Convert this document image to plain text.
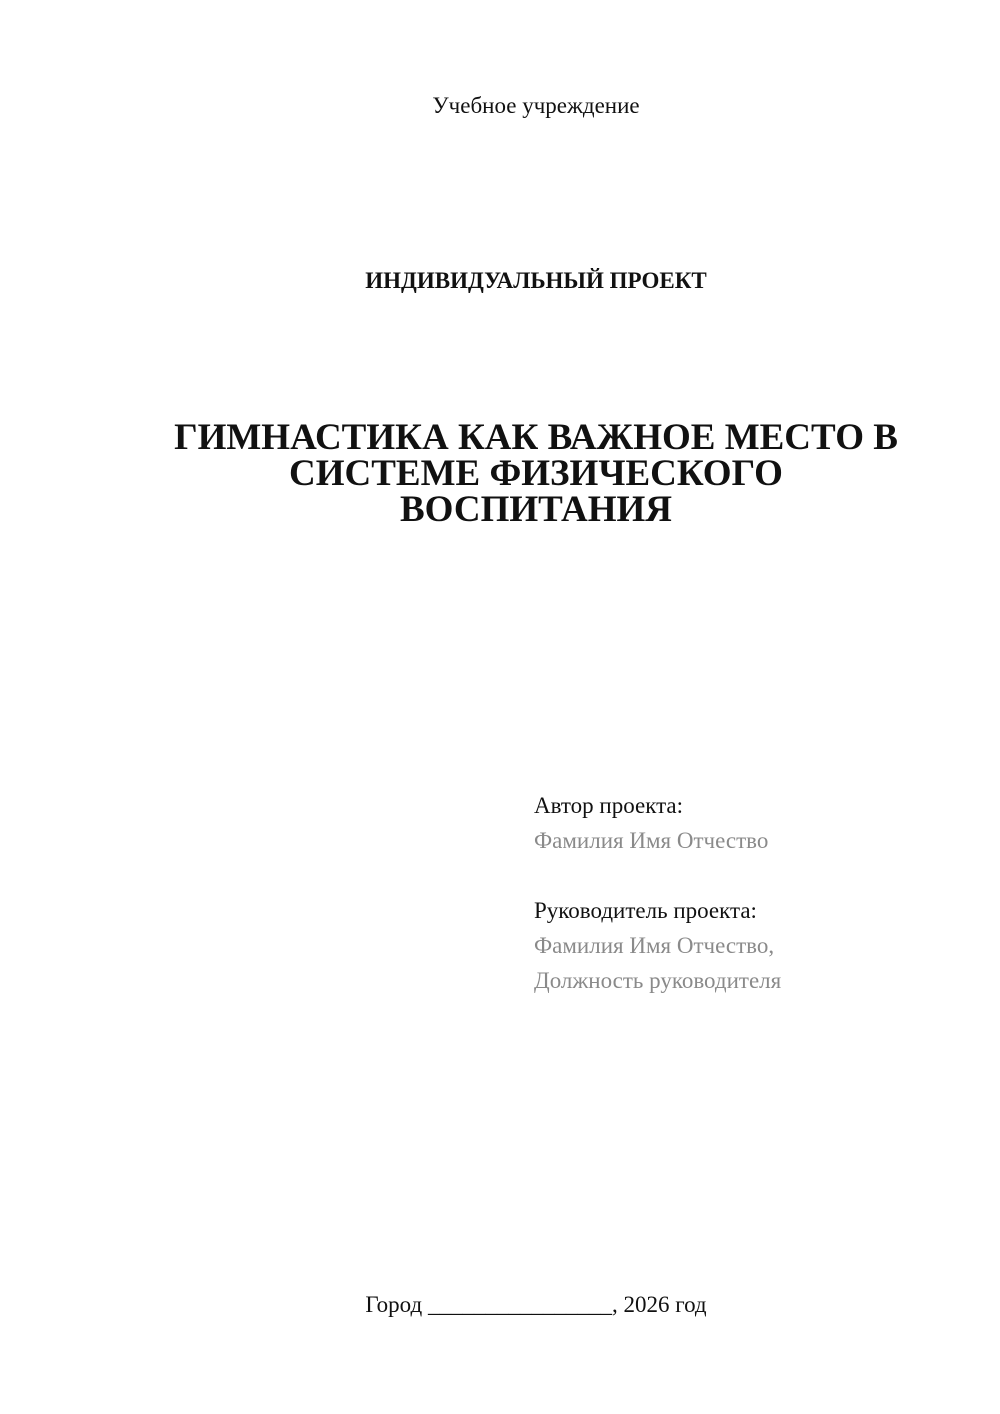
Учебное учреждение
ИНДИВИДУАЛЬНЫЙ ПРОЕКТ
ГИМНАСТИКА КАК ВАЖНОЕ МЕСТО В
СИСТЕМЕ ФИЗИЧЕСКОГО
ВОСПИТАНИЯ
Автор проекта:
Фамилия Имя Отчество
Руководитель проекта:
Фамилия Имя Отчество,
Должность руководителя
Город ________________, 2026 год
